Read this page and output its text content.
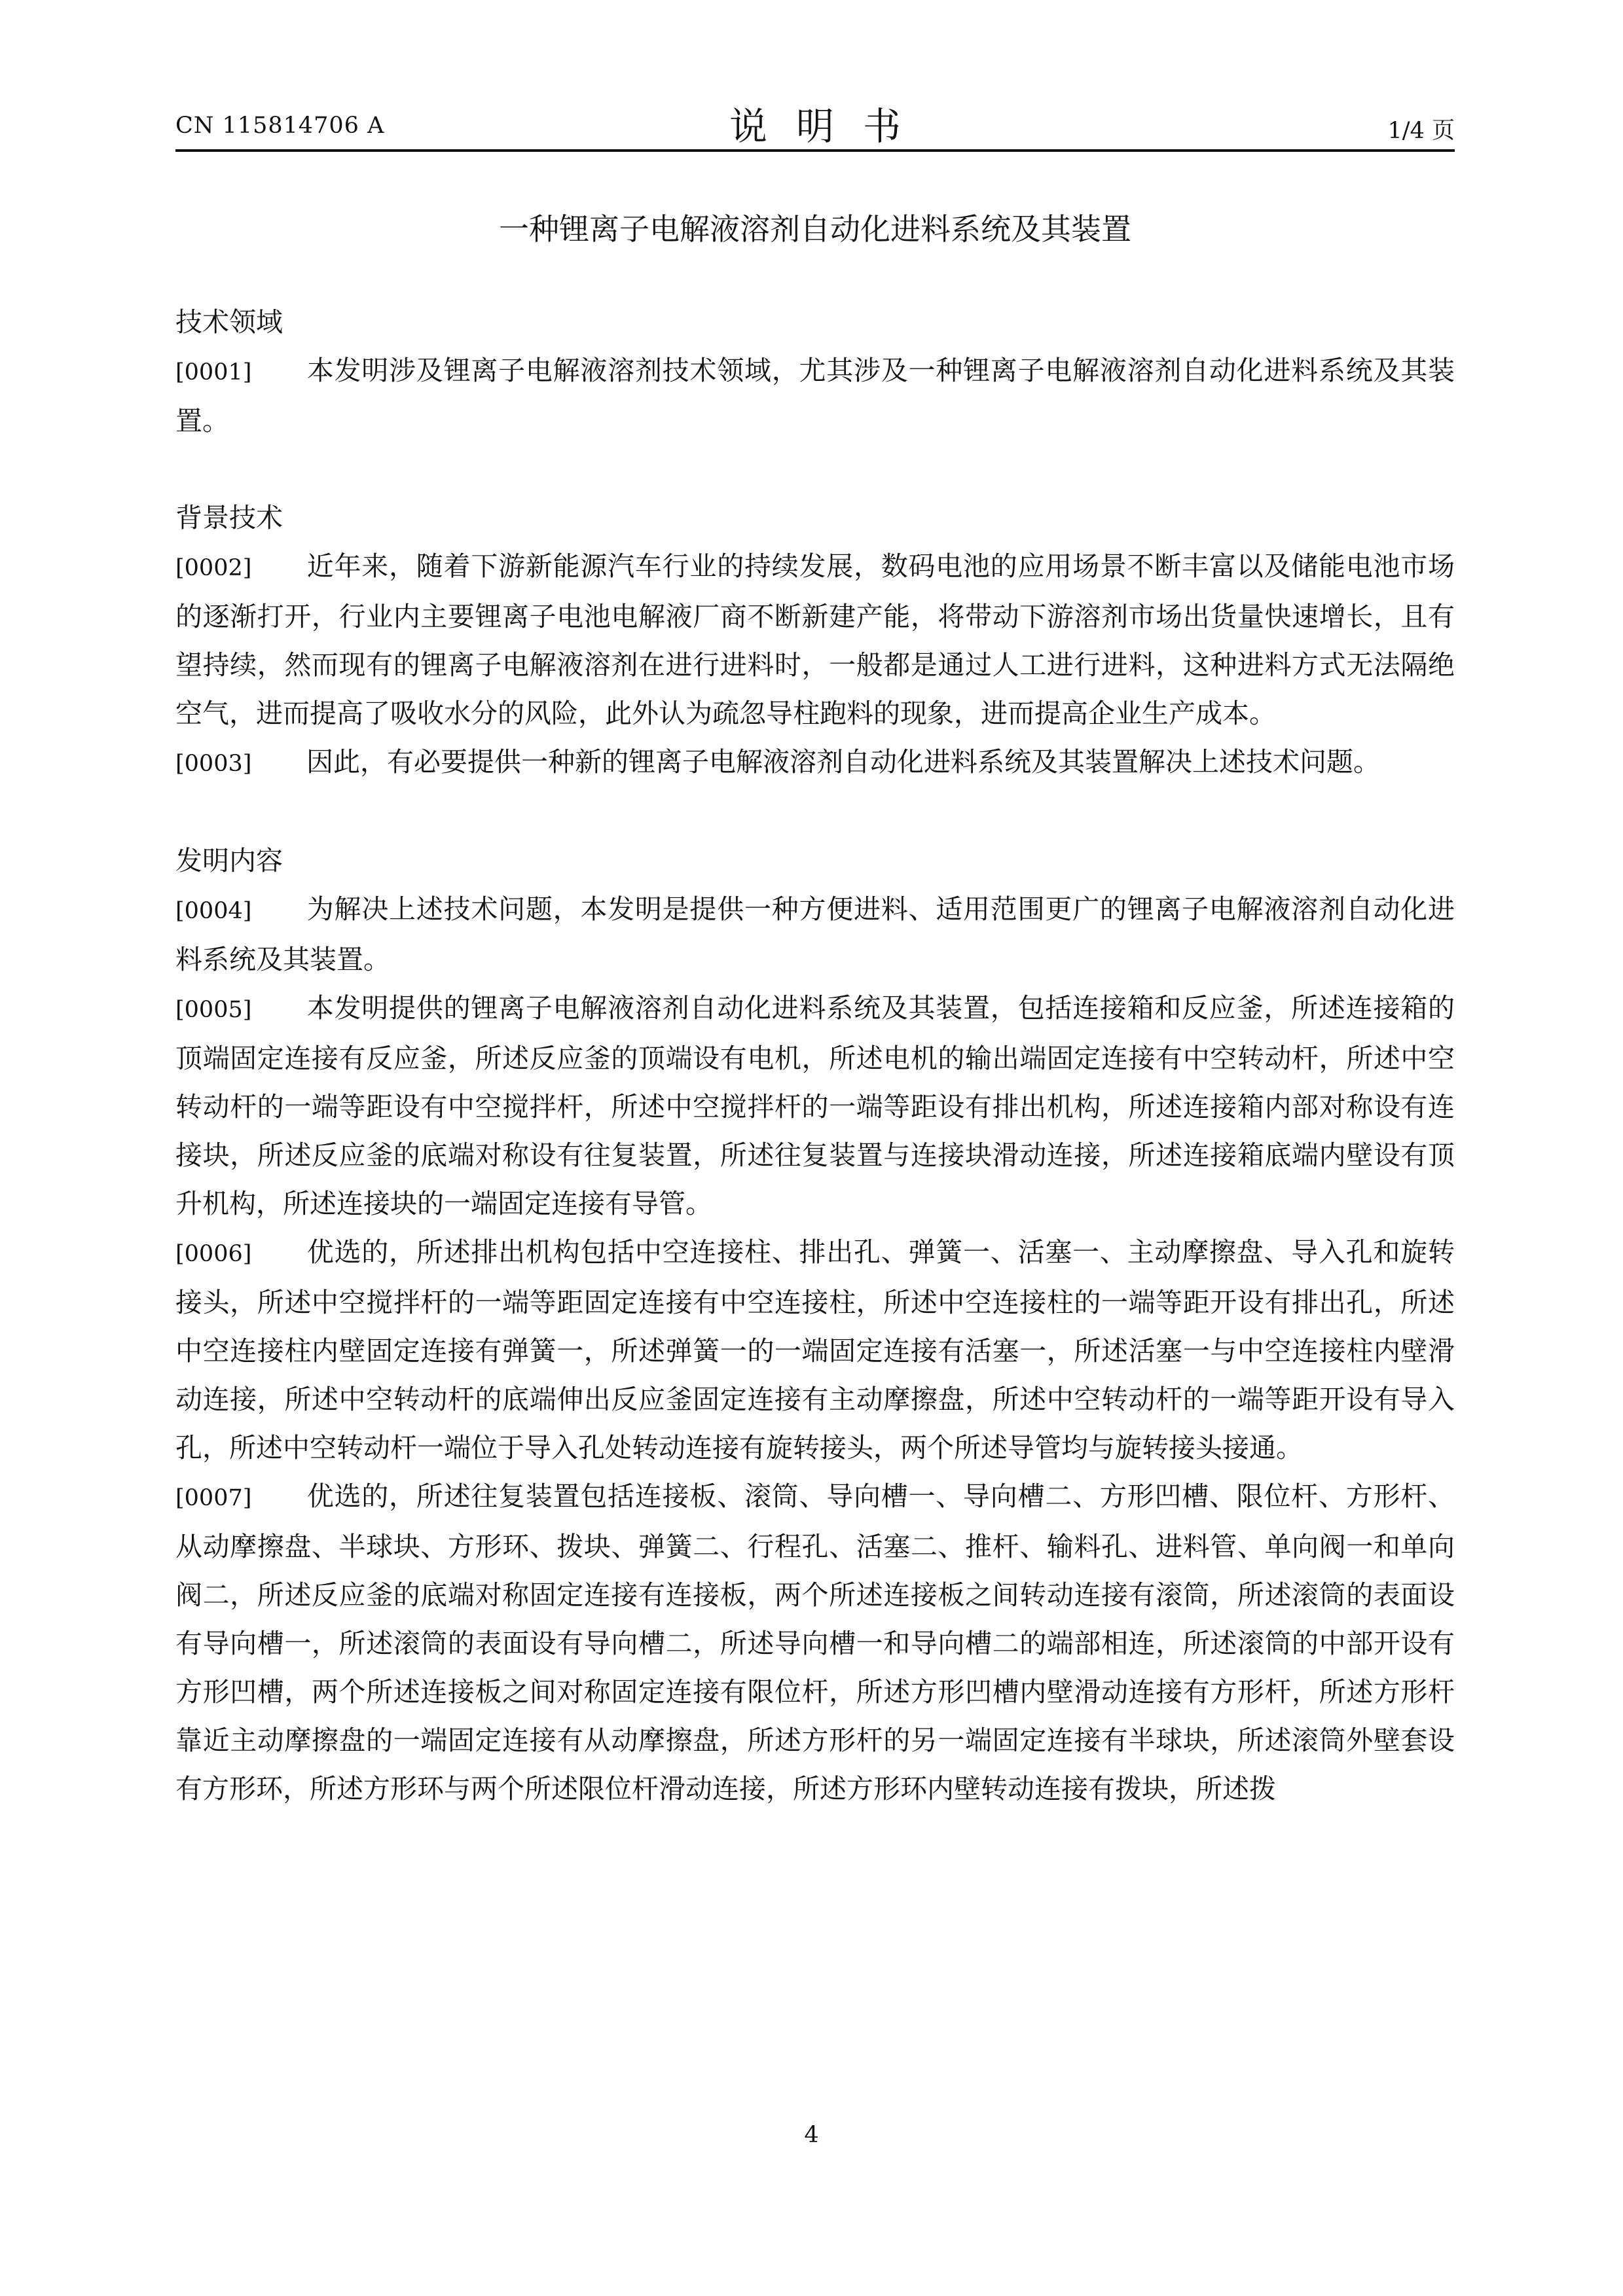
CN 115814706 A	说明书	1/4 页
一种锂离子电解液溶剂自动化进料系统及其装置
技术领域

[0001] 本发明涉及锂离子电解液溶剂技术领域，尤其涉及一种锂离子电解液溶剂自动化进料系统及其装置。

背景技术

[0002] 近年来，随着下游新能源汽车行业的持续发展，数码电池的应用场景不断丰富以及储能电池市场的逐渐打开，行业内主要锂离子电池电解液厂商不断新建产能，将带动下游溶剂市场出货量快速增长，且有望持续，然而现有的锂离子电解液溶剂在进行进料时，一般都是通过人工进行进料，这种进料方式无法隔绝空气，进而提高了吸收水分的风险，此外认为疏忽导柱跑料的现象，进而提高企业生产成本。

[0003] 因此，有必要提供一种新的锂离子电解液溶剂自动化进料系统及其装置解决上述技术问题。

发明内容

[0004] 为解决上述技术问题，本发明是提供一种方便进料、适用范围更广的锂离子电解液溶剂自动化进料系统及其装置。

[0005] 本发明提供的锂离子电解液溶剂自动化进料系统及其装置，包括连接箱和反应釜，所述连接箱的顶端固定连接有反应釜，所述反应釜的顶端设有电机，所述电机的输出端固定连接有中空转动杆，所述中空转动杆的一端等距设有中空搅拌杆，所述中空搅拌杆的一端等距设有排出机构，所述连接箱内部对称设有连接块，所述反应釜的底端对称设有往复装置，所述往复装置与连接块滑动连接，所述连接箱底端内壁设有顶升机构，所述连接块的一端固定连接有导管。

[0006] 优选的，所述排出机构包括中空连接柱、排出孔、弹簧一、活塞一、主动摩擦盘、导入孔和旋转接头，所述中空搅拌杆的一端等距固定连接有中空连接柱，所述中空连接柱的一端等距开设有排出孔，所述中空连接柱内壁固定连接有弹簧一，所述弹簧一的一端固定连接有活塞一，所述活塞一与中空连接柱内壁滑动连接，所述中空转动杆的底端伸出反应釜固定连接有主动摩擦盘，所述中空转动杆的一端等距开设有导入孔，所述中空转动杆一端位于导入孔处转动连接有旋转接头，两个所述导管均与旋转接头接通。

[0007] 优选的，所述往复装置包括连接板、滚筒、导向槽一、导向槽二、方形凹槽、限位杆、方形杆、从动摩擦盘、半球块、方形环、拨块、弹簧二、行程孔、活塞二、推杆、输料孔、进料管、单向阀一和单向阀二，所述反应釜的底端对称固定连接有连接板，两个所述连接板之间转动连接有滚筒，所述滚筒的表面设有导向槽一，所述滚筒的表面设有导向槽二，所述导向槽一和导向槽二的端部相连，所述滚筒的中部开设有方形凹槽，两个所述连接板之间对称固定连接有限位杆，所述方形凹槽内壁滑动连接有方形杆，所述方形杆靠近主动摩擦盘的一端固定连接有从动摩擦盘，所述方形杆的另一端固定连接有半球块，所述滚筒外壁套设有方形环，所述方形环与两个所述限位杆滑动连接，所述方形环内壁转动连接有拨块，所述拨

4
